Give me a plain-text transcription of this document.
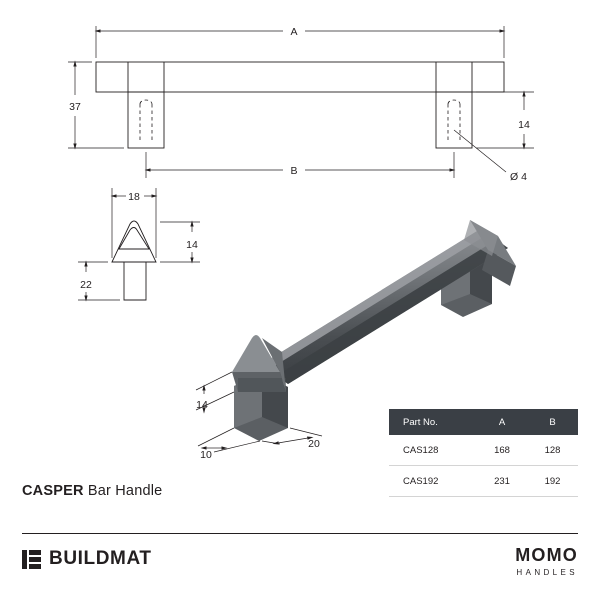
A
37
B
14
Ø 4
18
14
22
14
10
20
Part No.	A	B
CAS128	168	128
CAS192	231	192
CASPER Bar Handle
BUILDMAT	MOMO
HANDLES
